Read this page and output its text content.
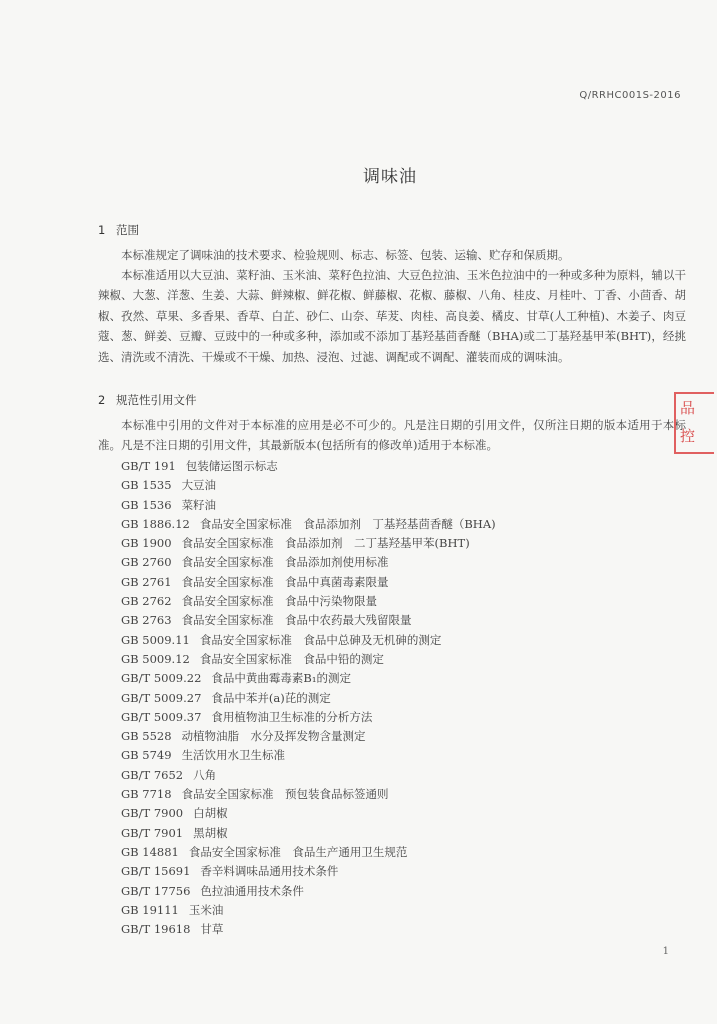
Q/RRHC001S-2016
调味油
1 范围
本标准规定了调味油的技术要求、检验规则、标志、标签、包装、运输、贮存和保质期。
本标准适用以大豆油、菜籽油、玉米油、菜籽色拉油、大豆色拉油、玉米色拉油中的一种或多种为原料，辅以干辣椒、大葱、洋葱、生姜、大蒜、鲜辣椒、鲜花椒、鲜藤椒、花椒、藤椒、八角、桂皮、月桂叶、丁香、小茴香、胡椒、孜然、草果、多香果、香草、白芷、砂仁、山奈、荜茇、肉桂、高良姜、橘皮、甘草(人工种植)、木姜子、肉豆蔻、葱、鲜姜、豆瓣、豆豉中的一种或多种，添加或不添加丁基羟基茴香醚（BHA)或二丁基羟基甲苯(BHT)，经挑选、清洗或不清洗、干燥或不干燥、加热、浸泡、过滤、调配或不调配、灌装而成的调味油。
2 规范性引用文件
本标准中引用的文件对于本标准的应用是必不可少的。凡是注日期的引用文件，仅所注日期的版本适用于本标准。凡是不注日期的引用文件，其最新版本(包括所有的修改单)适用于本标准。
GB/T 191 包装储运图示标志
GB 1535 大豆油
GB 1536 菜籽油
GB 1886.12 食品安全国家标准　食品添加剂　丁基羟基茴香醚（BHA)
GB 1900 食品安全国家标准　食品添加剂　二丁基羟基甲苯(BHT)
GB 2760 食品安全国家标准　食品添加剂使用标准
GB 2761 食品安全国家标准　食品中真菌毒素限量
GB 2762 食品安全国家标准　食品中污染物限量
GB 2763 食品安全国家标准　食品中农药最大残留限量
GB 5009.11 食品安全国家标准　食品中总砷及无机砷的测定
GB 5009.12 食品安全国家标准　食品中铅的测定
GB/T 5009.22 食品中黄曲霉毒素B₁的测定
GB/T 5009.27 食品中苯并(a)芘的测定
GB/T 5009.37 食用植物油卫生标准的分析方法
GB 5528 动植物油脂　水分及挥发物含量测定
GB 5749 生活饮用水卫生标准
GB/T 7652 八角
GB 7718 食品安全国家标准　预包装食品标签通则
GB/T 7900 白胡椒
GB/T 7901 黑胡椒
GB 14881 食品安全国家标准　食品生产通用卫生规范
GB/T 15691 香辛料调味品通用技术条件
GB/T 17756 色拉油通用技术条件
GB 19111 玉米油
GB/T 19618 甘草
1
品 控
